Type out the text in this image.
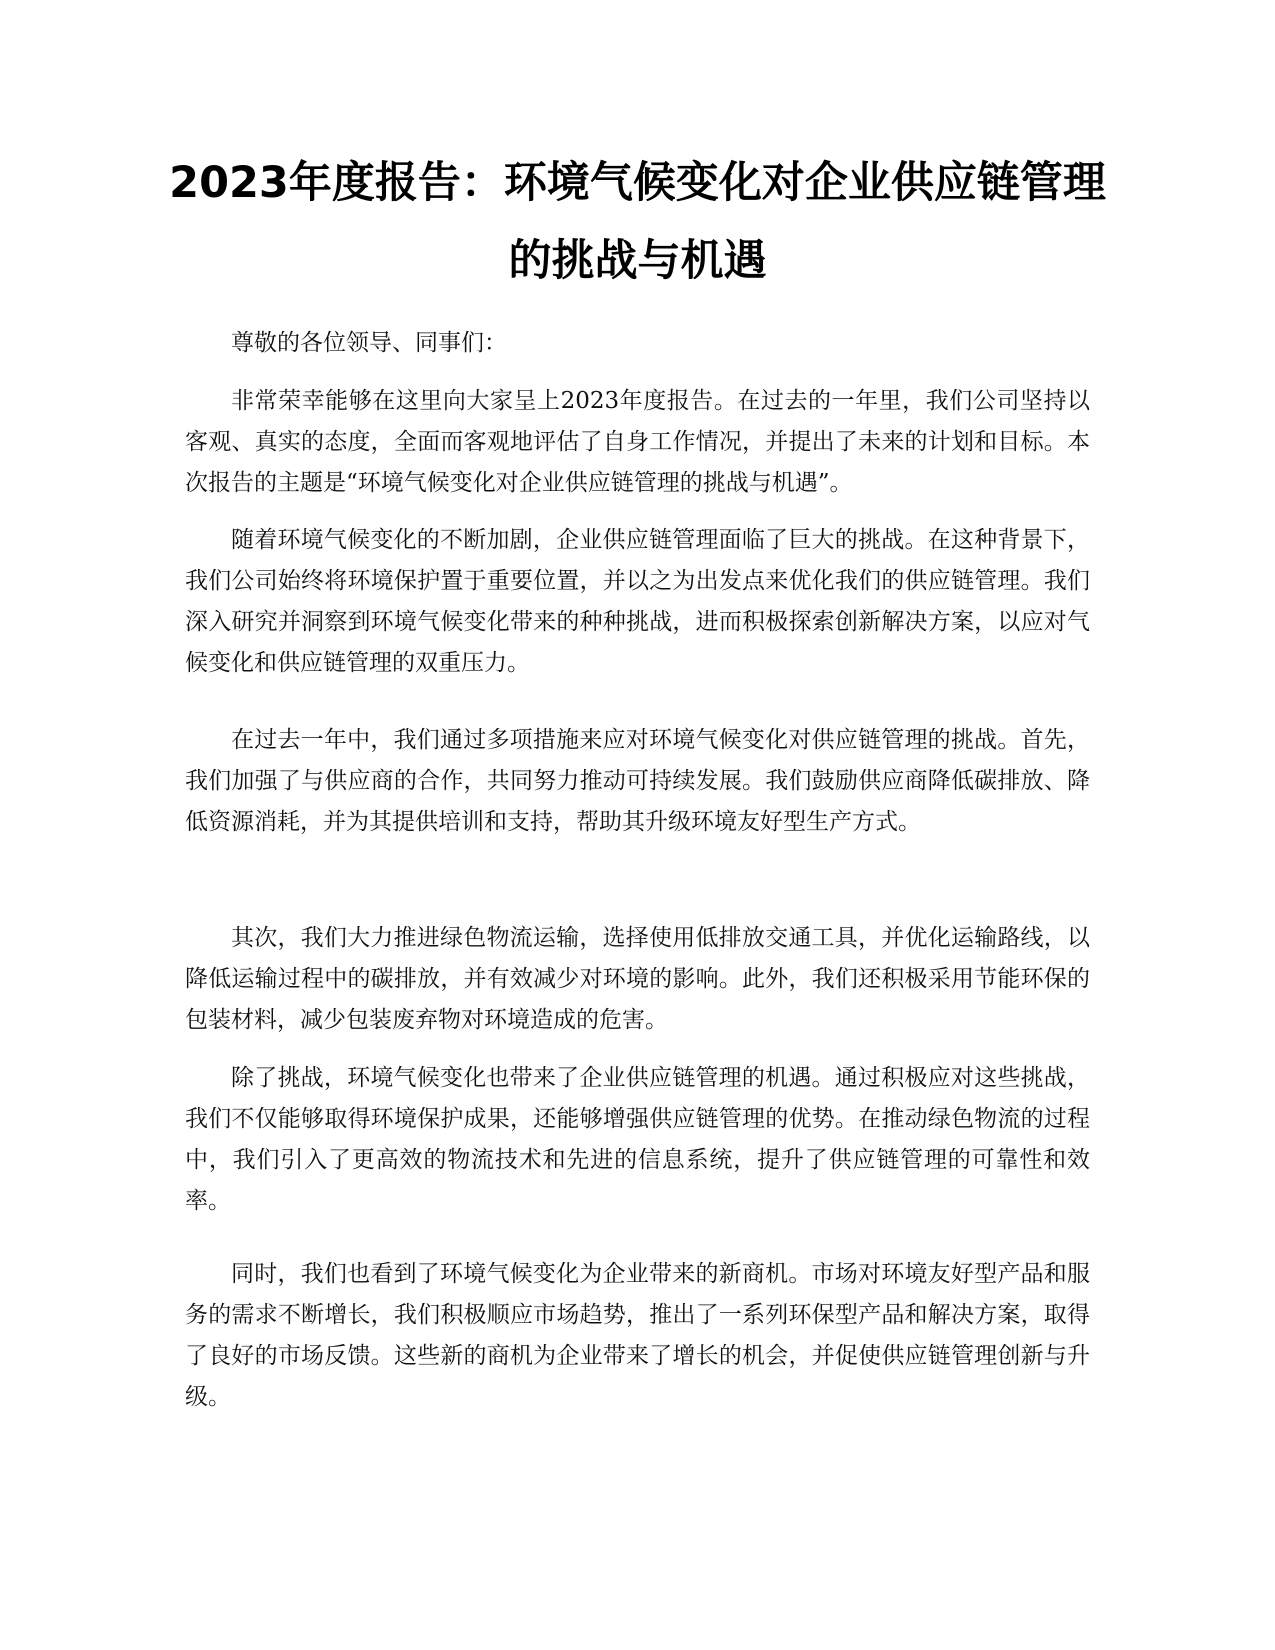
2023年度报告：环境气候变化对企业供应链管理的挑战与机遇

尊敬的各位领导、同事们：

非常荣幸能够在这里向大家呈上2023年度报告。在过去的一年里，我们公司坚持以客观、真实的态度，全面而客观地评估了自身工作情况，并提出了未来的计划和目标。本次报告的主题是“环境气候变化对企业供应链管理的挑战与机遇”。

随着环境气候变化的不断加剧，企业供应链管理面临了巨大的挑战。在这种背景下，我们公司始终将环境保护置于重要位置，并以之为出发点来优化我们的供应链管理。我们深入研究并洞察到环境气候变化带来的种种挑战，进而积极探索创新解决方案，以应对气候变化和供应链管理的双重压力。

在过去一年中，我们通过多项措施来应对环境气候变化对供应链管理的挑战。首先，我们加强了与供应商的合作，共同努力推动可持续发展。我们鼓励供应商降低碳排放、降低资源消耗，并为其提供培训和支持，帮助其升级环境友好型生产方式。

其次，我们大力推进绿色物流运输，选择使用低排放交通工具，并优化运输路线，以降低运输过程中的碳排放，并有效减少对环境的影响。此外，我们还积极采用节能环保的包装材料，减少包装废弃物对环境造成的危害。

除了挑战，环境气候变化也带来了企业供应链管理的机遇。通过积极应对这些挑战，我们不仅能够取得环境保护成果，还能够增强供应链管理的优势。在推动绿色物流的过程中，我们引入了更高效的物流技术和先进的信息系统，提升了供应链管理的可靠性和效率。

同时，我们也看到了环境气候变化为企业带来的新商机。市场对环境友好型产品和服务的需求不断增长，我们积极顺应市场趋势，推出了一系列环保型产品和解决方案，取得了良好的市场反馈。这些新的商机为企业带来了增长的机会，并促使供应链管理创新与升级。
